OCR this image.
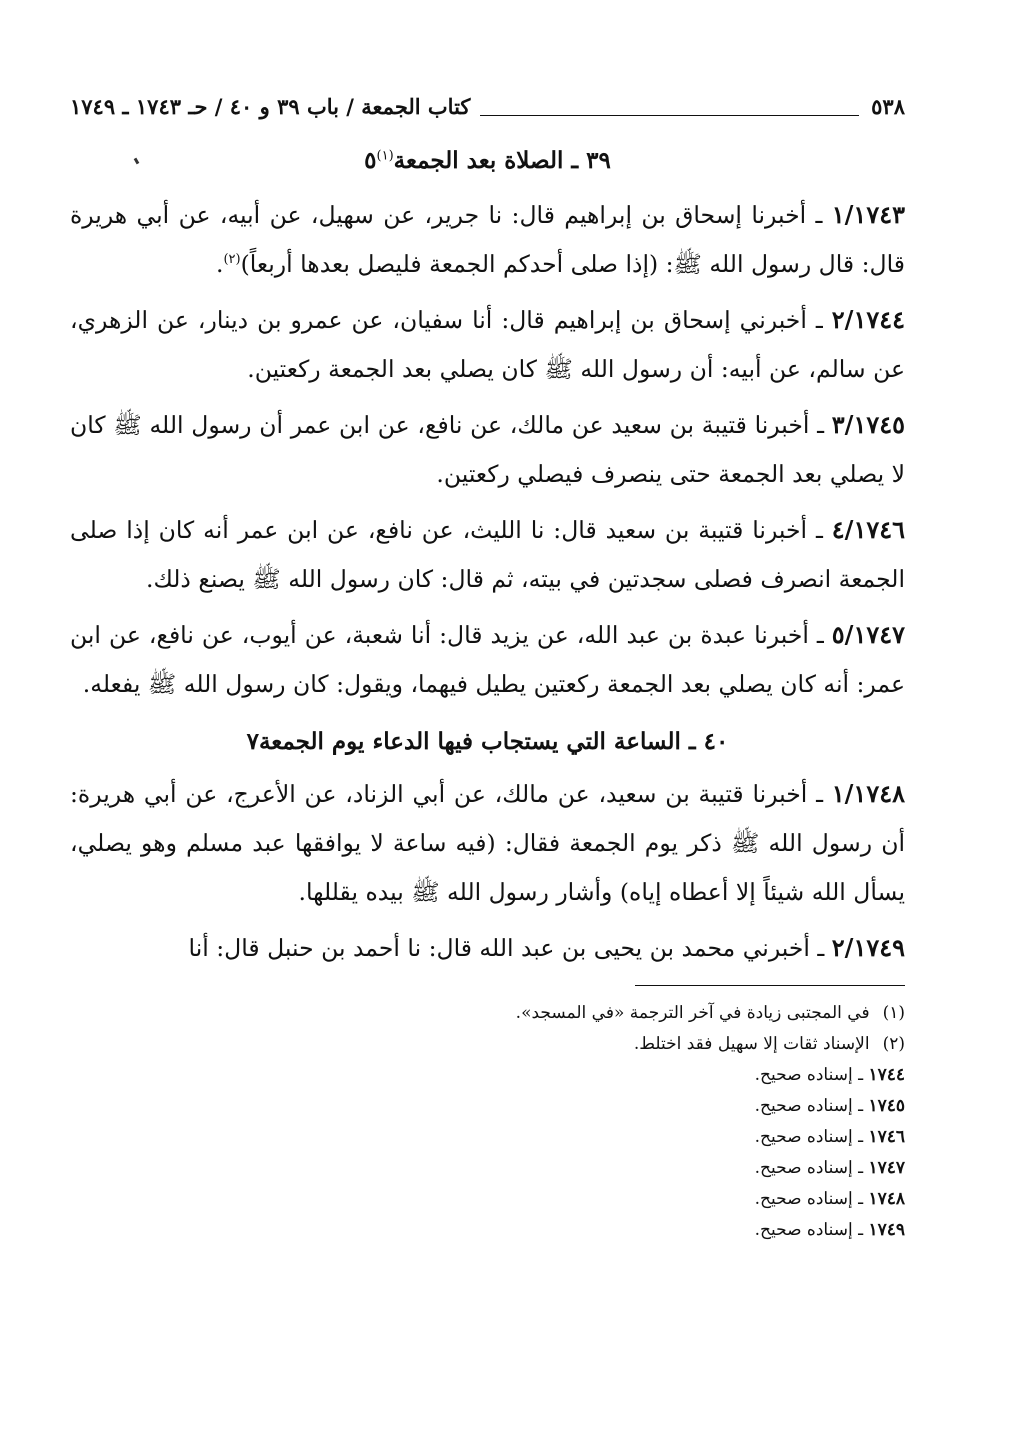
٥٣٨
كتاب الجمعة / باب ٣٩ و ٤٠ / حـ ١٧٤٣ ـ ١٧٤٩
٣٩ ـ الصلاة بعد الجمعة$^{(١)}$٥

١/١٧٤٣ ـ أخبرنا إسحاق بن إبراهيم قال: نا جرير، عن سهيل، عن أبيه، عن أبي هريرة قال: قال رسول الله ﷺ: (إذا صلى أحدكم الجمعة فليصل بعدها أربعاً)$^{(٢)}$.

٢/١٧٤٤ ـ أخبرني إسحاق بن إبراهيم قال: أنا سفيان، عن عمرو بن دينار، عن الزهري، عن سالم، عن أبيه: أن رسول الله ﷺ كان يصلي بعد الجمعة ركعتين.

٣/١٧٤٥ ـ أخبرنا قتيبة بن سعيد عن مالك، عن نافع، عن ابن عمر أن رسول الله ﷺ كان لا يصلي بعد الجمعة حتى ينصرف فيصلي ركعتين.

٤/١٧٤٦ ـ أخبرنا قتيبة بن سعيد قال: نا الليث، عن نافع، عن ابن عمر أنه كان إذا صلى الجمعة انصرف فصلى سجدتين في بيته، ثم قال: كان رسول الله ﷺ يصنع ذلك.

٥/١٧٤٧ ـ أخبرنا عبدة بن عبد الله، عن يزيد قال: أنا شعبة، عن أيوب، عن نافع، عن ابن عمر: أنه كان يصلي بعد الجمعة ركعتين يطيل فيهما، ويقول: كان رسول الله ﷺ يفعله.

٤٠ ـ الساعة التي يستجاب فيها الدعاء يوم الجمعة٧

١/١٧٤٨ ـ أخبرنا قتيبة بن سعيد، عن مالك، عن أبي الزناد، عن الأعرج، عن أبي هريرة: أن رسول الله ﷺ ذكر يوم الجمعة فقال: (فيه ساعة لا يوافقها عبد مسلم وهو يصلي، يسأل الله شيئاً إلا أعطاه إياه) وأشار رسول الله ﷺ بيده يقللها.

٢/١٧٤٩ ـ أخبرني محمد بن يحيى بن عبد الله قال: نا أحمد بن حنبل قال: أنا

(١) في المجتبى زيادة في آخر الترجمة «في المسجد».

(٢) الإسناد ثقات إلا سهيل فقد اختلط.

١٧٤٤ ـ إسناده صحيح.

١٧٤٥ ـ إسناده صحيح.

١٧٤٦ ـ إسناده صحيح.

١٧٤٧ ـ إسناده صحيح.

١٧٤٨ ـ إسناده صحيح.

١٧٤٩ ـ إسناده صحيح.
